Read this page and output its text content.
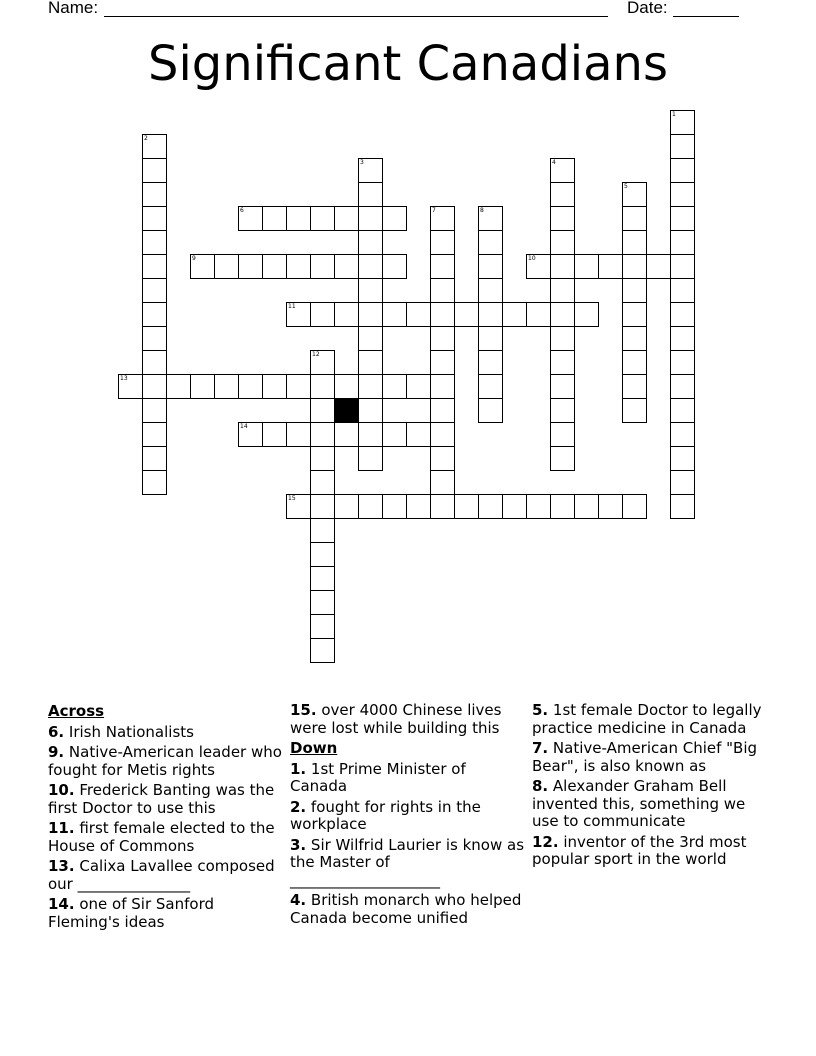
Name:	Date:
Significant Canadians
1
2
3	4
5
6	7	8
9	10
11
12
13
14
15
Across
6. Irish Nationalists
9. Native-American leader who fought for Metis rights
10. Frederick Banting was the first Doctor to use this
11. first female elected to the House of Commons
13. Calixa Lavallee composed our _______________
14. one of Sir Sanford Fleming's ideas
15. over 4000 Chinese lives were lost while building this
Down
1. 1st Prime Minister of Canada
2. fought for rights in the workplace
3. Sir Wilfrid Laurier is know as the Master of ____________________
4. British monarch who helped Canada become unified
5. 1st female Doctor to legally practice medicine in Canada
7. Native-American Chief "Big Bear", is also known as
8. Alexander Graham Bell invented this, something we use to communicate
12. inventor of the 3rd most popular sport in the world
